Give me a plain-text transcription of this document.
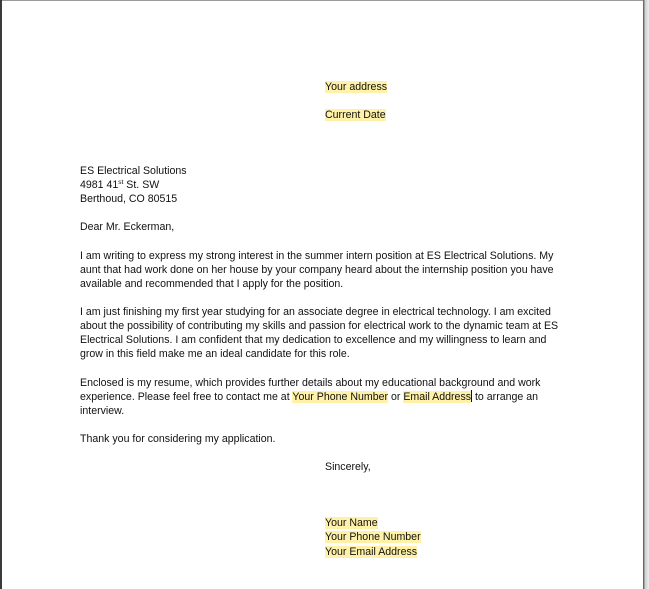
Your address
Current Date
ES Electrical Solutions
4981 41st St. SW
Berthoud, CO 80515
Dear Mr. Eckerman,
I am writing to express my strong interest in the summer intern position at ES Electrical Solutions. My
aunt that had work done on her house by your company heard about the internship position you have
available and recommended that I apply for the position.
I am just finishing my first year studying for an associate degree in electrical technology. I am excited
about the possibility of contributing my skills and passion for electrical work to the dynamic team at ES
Electrical Solutions. I am confident that my dedication to excellence and my willingness to learn and
grow in this field make me an ideal candidate for this role.
Enclosed is my resume, which provides further details about my educational background and work
experience. Please feel free to contact me at Your Phone Number or Email Address to arrange an
interview.
Thank you for considering my application.
Sincerely,
Your Name
Your Phone Number
Your Email Address
